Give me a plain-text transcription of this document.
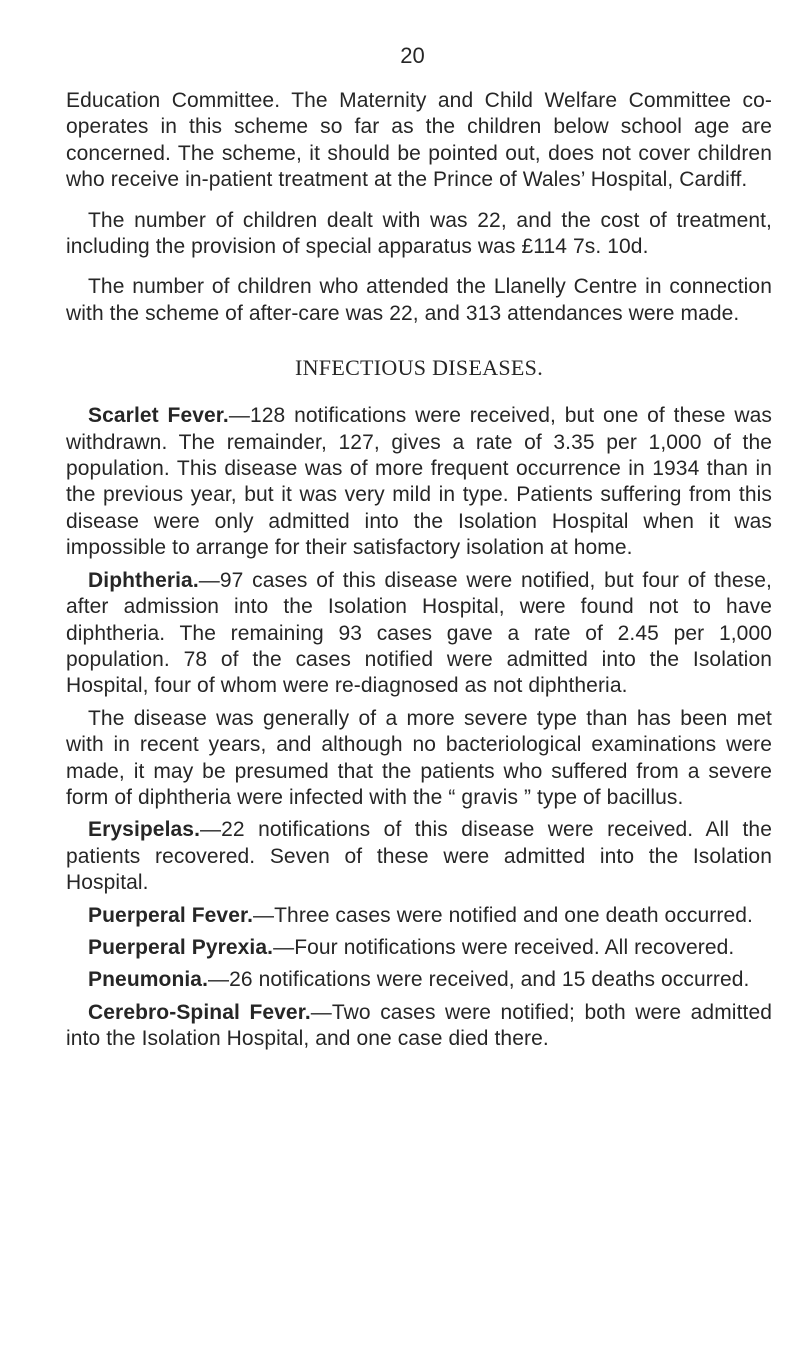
20

Education Committee. The Maternity and Child Welfare Committee co-operates in this scheme so far as the children below school age are concerned. The scheme, it should be pointed out, does not cover children who receive in-patient treatment at the Prince of Wales’ Hospital, Cardiff.

The number of children dealt with was 22, and the cost of treatment, including the provision of special apparatus was £114 7s. 10d.

The number of children who attended the Llanelly Centre in connection with the scheme of after-care was 22, and 313 attendances were made.

INFECTIOUS DISEASES.

Scarlet Fever.—128 notifications were received, but one of these was withdrawn. The remainder, 127, gives a rate of 3.35 per 1,000 of the population. This disease was of more frequent occurrence in 1934 than in the previous year, but it was very mild in type. Patients suffering from this disease were only admitted into the Isolation Hospital when it was impossible to arrange for their satisfactory isolation at home.

Diphtheria.—97 cases of this disease were notified, but four of these, after admission into the Isolation Hospital, were found not to have diphtheria. The remaining 93 cases gave a rate of 2.45 per 1,000 population. 78 of the cases notified were admitted into the Isolation Hospital, four of whom were re-diagnosed as not diphtheria.

The disease was generally of a more severe type than has been met with in recent years, and although no bacteriological examinations were made, it may be presumed that the patients who suffered from a severe form of diphtheria were infected with the “ gravis ” type of bacillus.

Erysipelas.—22 notifications of this disease were received. All the patients recovered. Seven of these were admitted into the Isolation Hospital.

Puerperal Fever.—Three cases were notified and one death occurred.

Puerperal Pyrexia.—Four notifications were received. All recovered.

Pneumonia.—26 notifications were received, and 15 deaths occurred.

Cerebro-Spinal Fever.—Two cases were notified; both were admitted into the Isolation Hospital, and one case died there.
